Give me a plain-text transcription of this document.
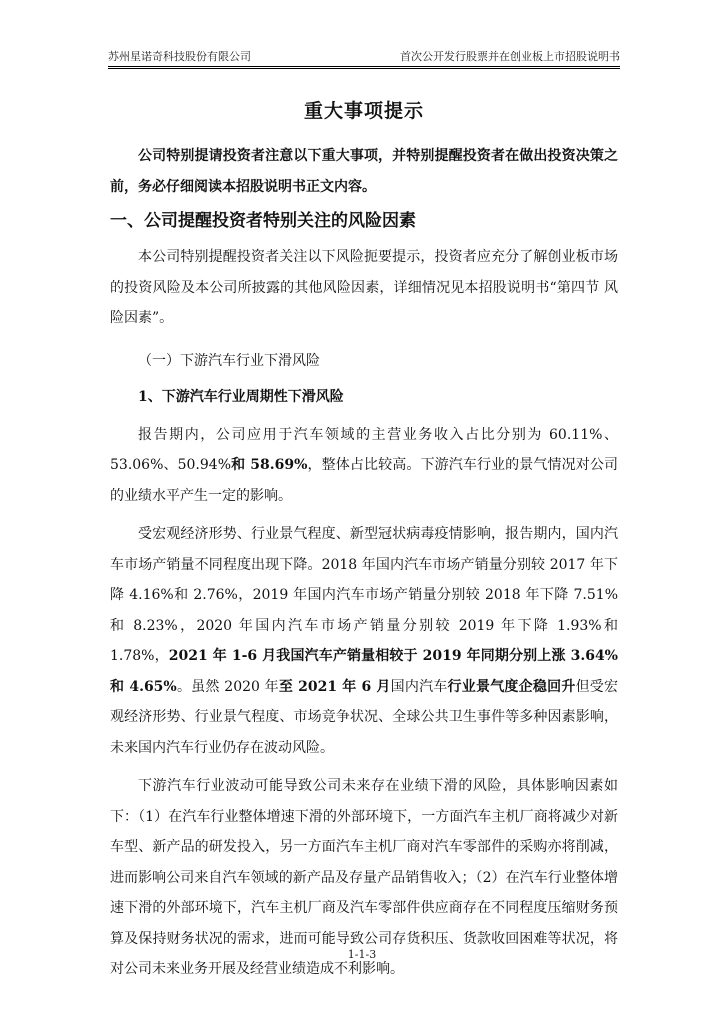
苏州星诺奇科技股份有限公司	首次公开发行股票并在创业板上市招股说明书
重大事项提示

公司特别提请投资者注意以下重大事项，并特别提醒投资者在做出投资决策之前，务必仔细阅读本招股说明书正文内容。

一、公司提醒投资者特别关注的风险因素

本公司特别提醒投资者关注以下风险扼要提示，投资者应充分了解创业板市场的投资风险及本公司所披露的其他风险因素，详细情况见本招股说明书“第四节 风险因素”。

（一）下游汽车行业下滑风险
1、下游汽车行业周期性下滑风险

报告期内，公司应用于汽车领域的主营业务收入占比分别为 60.11%、53.06%、50.94%和 58.69%，整体占比较高。下游汽车行业的景气情况对公司的业绩水平产生一定的影响。

受宏观经济形势、行业景气程度、新型冠状病毒疫情影响，报告期内，国内汽车市场产销量不同程度出现下降。2018 年国内汽车市场产销量分别较 2017 年下降 4.16%和 2.76%，2019 年国内汽车市场产销量分别较 2018 年下降 7.51%和 8.23%，2020 年国内汽车市场产销量分别较 2019 年下降 1.93%和 1.78%，2021 年 1-6 月我国汽车产销量相较于 2019 年同期分别上涨 3.64%和 4.65%。虽然 2020 年至 2021 年 6 月国内汽车行业景气度企稳回升但受宏观经济形势、行业景气程度、市场竞争状况、全球公共卫生事件等多种因素影响，未来国内汽车行业仍存在波动风险。

下游汽车行业波动可能导致公司未来存在业绩下滑的风险，具体影响因素如下：（1）在汽车行业整体增速下滑的外部环境下，一方面汽车主机厂商将减少对新车型、新产品的研发投入，另一方面汽车主机厂商对汽车零部件的采购亦将削减，进而影响公司来自汽车领域的新产品及存量产品销售收入；（2）在汽车行业整体增速下滑的外部环境下，汽车主机厂商及汽车零部件供应商存在不同程度压缩财务预算及保持财务状况的需求，进而可能导致公司存货积压、货款收回困难等状况，将对公司未来业务开展及经营业绩造成不利影响。

1-1-3
